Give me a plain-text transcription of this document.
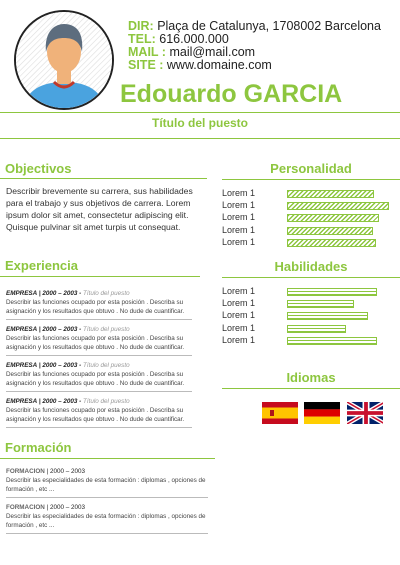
DIR: Plaça de Catalunya, 1708002 Barcelona
TEL: 616.000.000
MAIL : mail@mail.com
SITE : www.domaine.com
Edouardo GARCIA
Título del puesto
Objectivos
Describir brevemente su carrera, sus habilidades para el trabajo y sus objetivos de carrera. Lorem ipsum dolor sit amet, consectetur adipiscing elit. Quisque pulvinar sit amet turpis ut consequat.
Experiencia
EMPRESA | 2000 – 2003 - Título del puesto
Describir las funciones ocupado por esta posición . Describa su asignación y los resultados que obtuvo . No dude de cuantificar.
EMPRESA | 2000 – 2003 - Título del puesto
Describir las funciones ocupado por esta posición . Describa su asignación y los resultados que obtuvo . No dude de cuantificar.
EMPRESA | 2000 – 2003 - Título del puesto
Describir las funciones ocupado por esta posición . Describa su asignación y los resultados que obtuvo . No dude de cuantificar.
EMPRESA | 2000 – 2003 - Título del puesto
Describir las funciones ocupado por esta posición . Describa su asignación y los resultados que obtuvo . No dude de cuantificar.
Formación
FORMACION | 2000 – 2003
Describir las especialidades de esta formación : diplomas , opciones de formación , etc ...
FORMACION | 2000 – 2003
Describir las especialidades de esta formación : diplomas , opciones de formación , etc ...
Personalidad
Lorem 1
Lorem 1
Lorem 1
Lorem 1
Lorem 1
Habilidades
Lorem 1
Lorem 1
Lorem 1
Lorem 1
Lorem 1
Idiomas
